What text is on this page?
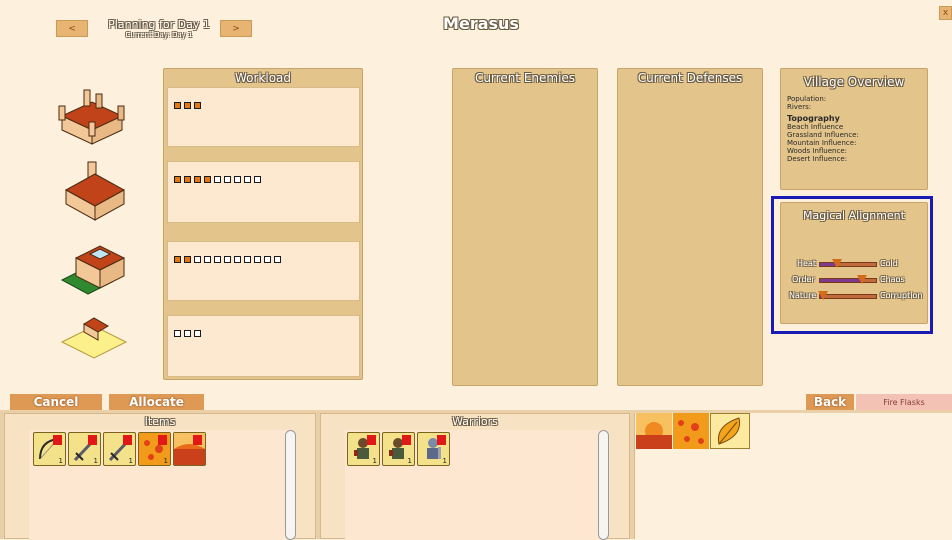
<	Planning for Day 1
Current Day: Day 1
>	Merasus
x
Workload	Current Enemies	Current Defenses	Village Overview
Population:
Rivers:
Topography
Beach Influence
Grassland Influence:
Mountain Influence:
Woods Influence:
Desert Influence:
Magical Alignment
Heat	Cold
Order	Chaos
Nature	Corruption
Cancel	Allocate	Back	Fire Flasks
Items
1	1	1	1
Warriors
1	1	1
